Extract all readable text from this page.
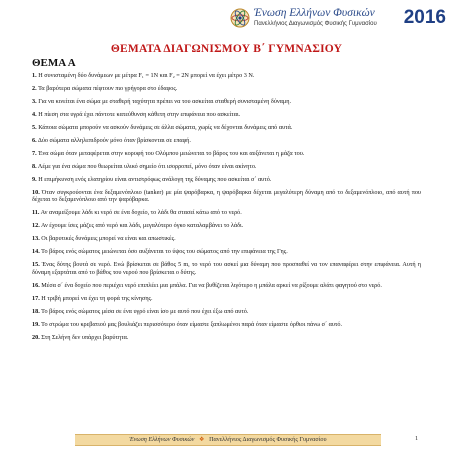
Ένωση Ελλήνων Φυσικών
Πανελλήνιος Διαγωνισμός Φυσικής Γυμνασίου 2016
ΘΕΜΑΤΑ ΔΙΑΓΩΝΙΣΜΟΥ Β΄ ΓΥΜΝΑΣΙΟΥ
ΘΕΜΑ Α
1. Η συνισταμένη δύο δυνάμεων με μέτρα F₁ = 1N και F₂ = 2N μπορεί να έχει μέτρο 3 N.
2. Τα βαρύτερα σώματα πέφτουν πιο γρήγορα στο έδαφος.
3. Για να κινείται ένα σώμα με σταθερή ταχύτητα πρέπει να του ασκείται σταθερή συνισταμένη δύναμη.
4. Η πίεση στα υγρά έχει πάντοτε κατεύθυνση κάθετη στην επιφάνεια που ασκείται.
5. Κάποια σώματα μπορούν να ασκούν δυνάμεις σε άλλα σώματα, χωρίς να δέχονται δυνάμεις από αυτά.
6. Δύο σώματα αλληλεπιδρούν μόνο όταν βρίσκονται σε επαφή.
7. Ένα σώμα όταν μεταφέρεται στην κορυφή του Ολύμπου μειώνεται το βάρος του και αυξάνεται η μάζα του.
8. Λέμε για ένα σώμα που θεωρείται υλικό σημείο ότι ισορροπεί, μόνο όταν είναι ακίνητο.
9. Η επιμήκυνση ενός ελατηρίου είναι αντιστρόφως ανάλογη της δύναμης που ασκείται σ΄ αυτό.
10. Όταν συγκρούονται ένα δεξαμενόπλοιο (tanker) με μία ψαρόβαρκα, η ψαρόβαρκα δέχεται μεγαλύτερη δύναμη από το δεξαμενόπλοιο, από αυτή που δέχεται το δεξαμενόπλοιο από την ψαρόβαρκα.
11. Αν αναμείξουμε λάδι κι νερό σε ένα δοχείο, το λάδι θα στασεί κάτω από το νερό.
12. Αν έχουμε ίσες μάζες από νερό και λάδι, μεγαλύτερο όγκο καταλαμβάνει το λάδι.
13. Οι βαρυτικές δυνάμεις μπορεί να είναι και απωστικές.
14. Το βάρος ενός σώματος μειώνεται όσο αυξάνεται το ύψος του σώματος από την επιφάνεια της Γης.
15. Ένας δύτης βουτά σε νερό. Ενώ βρίσκεται σε βάθος 5 m, το νερό του ασκεί μια δύναμη που προσπαθεί να τον επαναφέρει στην επιφάνεια. Αυτή η δύναμη εξαρτάται από το βάθος του νερού που βρίσκεται ο δύτης.
16. Μέσα σ΄ ένα δοχείο που περιέχει νερό επιπλέει μια μπάλα. Για να βυθίζεται λιγότερο η μπάλα αρκεί να ρίξουμε αλάτι φαγητού στο νερό.
17. Η τριβή μπορεί να έχει τη φορά της κίνησης.
18. Το βάρος ενός σώματος μέσα σε ένα υγρό είναι ίσο με αυτό που έχει έξω από αυτό.
19. Το στρώμα του κρεβατιού μας βουλιάζει περισσότερο όταν είμαστε ξαπλωμένοι παρά όταν είμαστε όρθιοι πάνω σ΄ αυτό.
20. Στη Σελήνη δεν υπάρχει βαρύτητα.
Ένωση Ελλήνων Φυσικών ❖ Πανελλήνιος Διαγωνισμός Φυσικής Γυμνασίου	1
